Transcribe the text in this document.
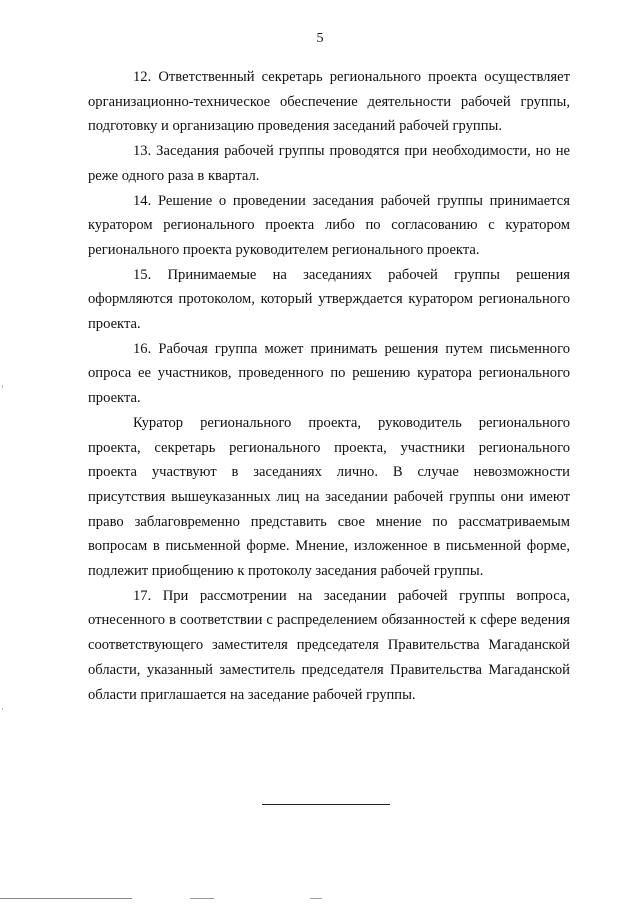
5

12. Ответственный секретарь регионального проекта осуществляет организационно-техническое обеспечение деятельности рабочей группы, подготовку и организацию проведения заседаний рабочей группы.

13. Заседания рабочей группы проводятся при необходимости, но не реже одного раза в квартал.

14. Решение о проведении заседания рабочей группы принимается куратором регионального проекта либо по согласованию с куратором регионального проекта руководителем регионального проекта.

15. Принимаемые на заседаниях рабочей группы решения оформляются протоколом, который утверждается куратором регионального проекта.

16. Рабочая группа может принимать решения путем письменного опроса ее участников, проведенного по решению куратора регионального проекта.

Куратор регионального проекта, руководитель регионального проекта, секретарь регионального проекта, участники регионального проекта участвуют в заседаниях лично. В случае невозможности присутствия вышеуказанных лиц на заседании рабочей группы они имеют право заблаговременно представить свое мнение по рассматриваемым вопросам в письменной форме. Мнение, изложенное в письменной форме, подлежит приобщению к протоколу заседания рабочей группы.

17. При рассмотрении на заседании рабочей группы вопроса, отнесенного в соответствии с распределением обязанностей к сфере ведения соответствующего заместителя председателя Правительства Магаданской области, указанный заместитель председателя Правительства Магаданской области приглашается на заседание рабочей группы.
